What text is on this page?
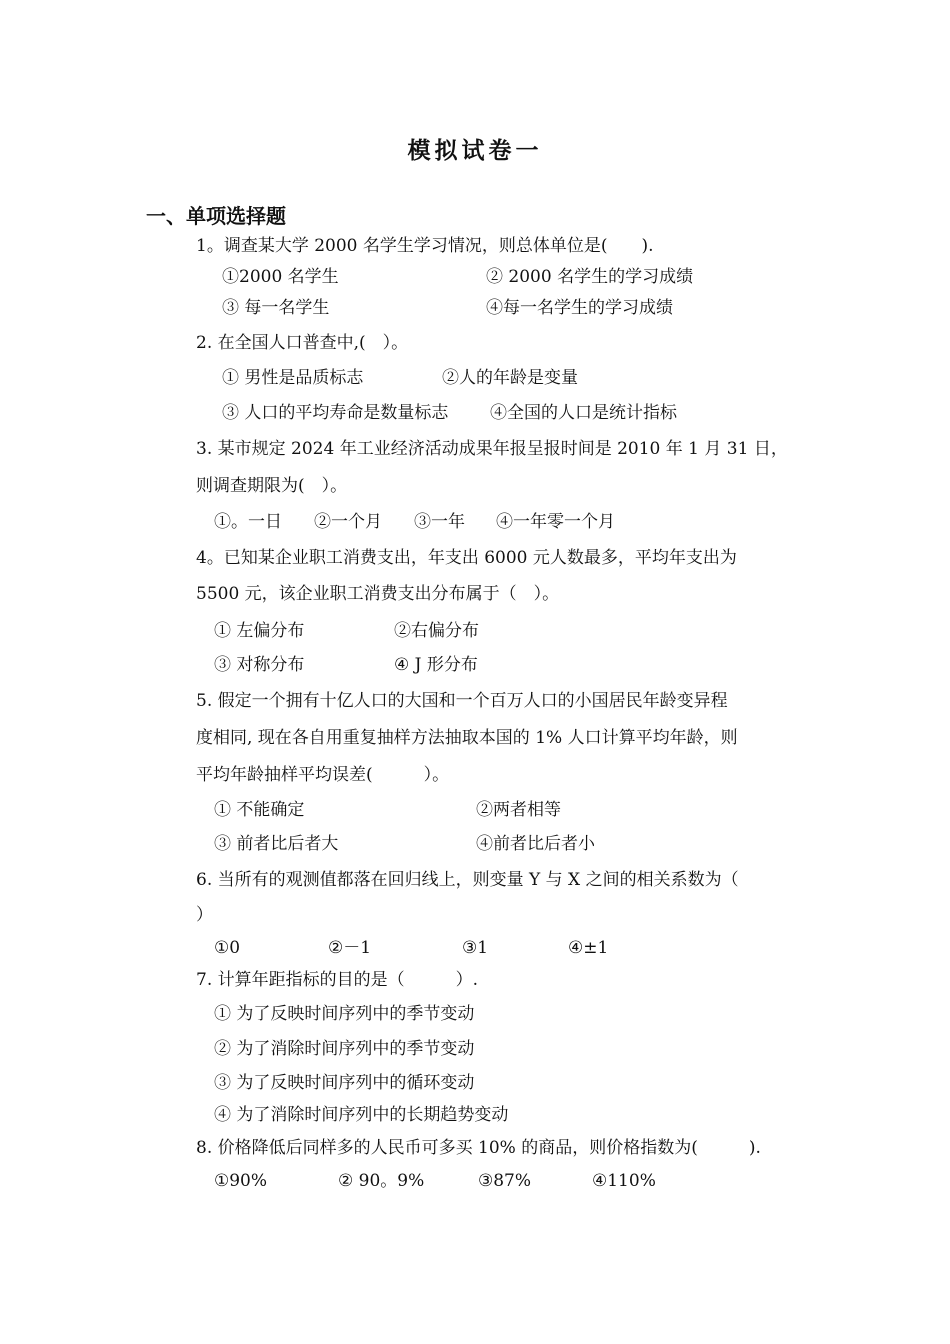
模拟试卷一
一、单项选择题
1。调查某大学 2000 名学生学习情况，则总体单位是(　　).
①2000 名学生	② 2000 名学生的学习成绩
③ 每一名学生	④每一名学生的学习成绩
2. 在全国人口普查中,(　）。
① 男性是品质标志	②人的年龄是变量
③ 人口的平均寿命是数量标志 ④全国的人口是统计指标
3. 某市规定 2024 年工业经济活动成果年报呈报时间是 2010 年 1 月 31 日，
则调查期限为(　）。
①。一日 ②一个月 ③一年 ④一年零一个月
4。已知某企业职工消费支出，年支出 6000 元人数最多，平均年支出为
5500 元，该企业职工消费支出分布属于（　）。
① 左偏分布	②右偏分布
③ 对称分布	④ J 形分布
5. 假定一个拥有十亿人口的大国和一个百万人口的小国居民年龄变异程
度相同, 现在各自用重复抽样方法抽取本国的 1% 人口计算平均年龄，则
平均年龄抽样平均误差(　　　）。
① 不能确定	②两者相等
③ 前者比后者大	④前者比后者小
6. 当所有的观测值都落在回归线上，则变量 Y 与 X 之间的相关系数为（
）
①0	②－1	③1	④±1
7. 计算年距指标的目的是（　　　）.
① 为了反映时间序列中的季节变动
② 为了消除时间序列中的季节变动
③ 为了反映时间序列中的循环变动
④ 为了消除时间序列中的长期趋势变动
8. 价格降低后同样多的人民币可多买 10% 的商品，则价格指数为(　　　).
①90%	② 90。9%	③87%	④110%
